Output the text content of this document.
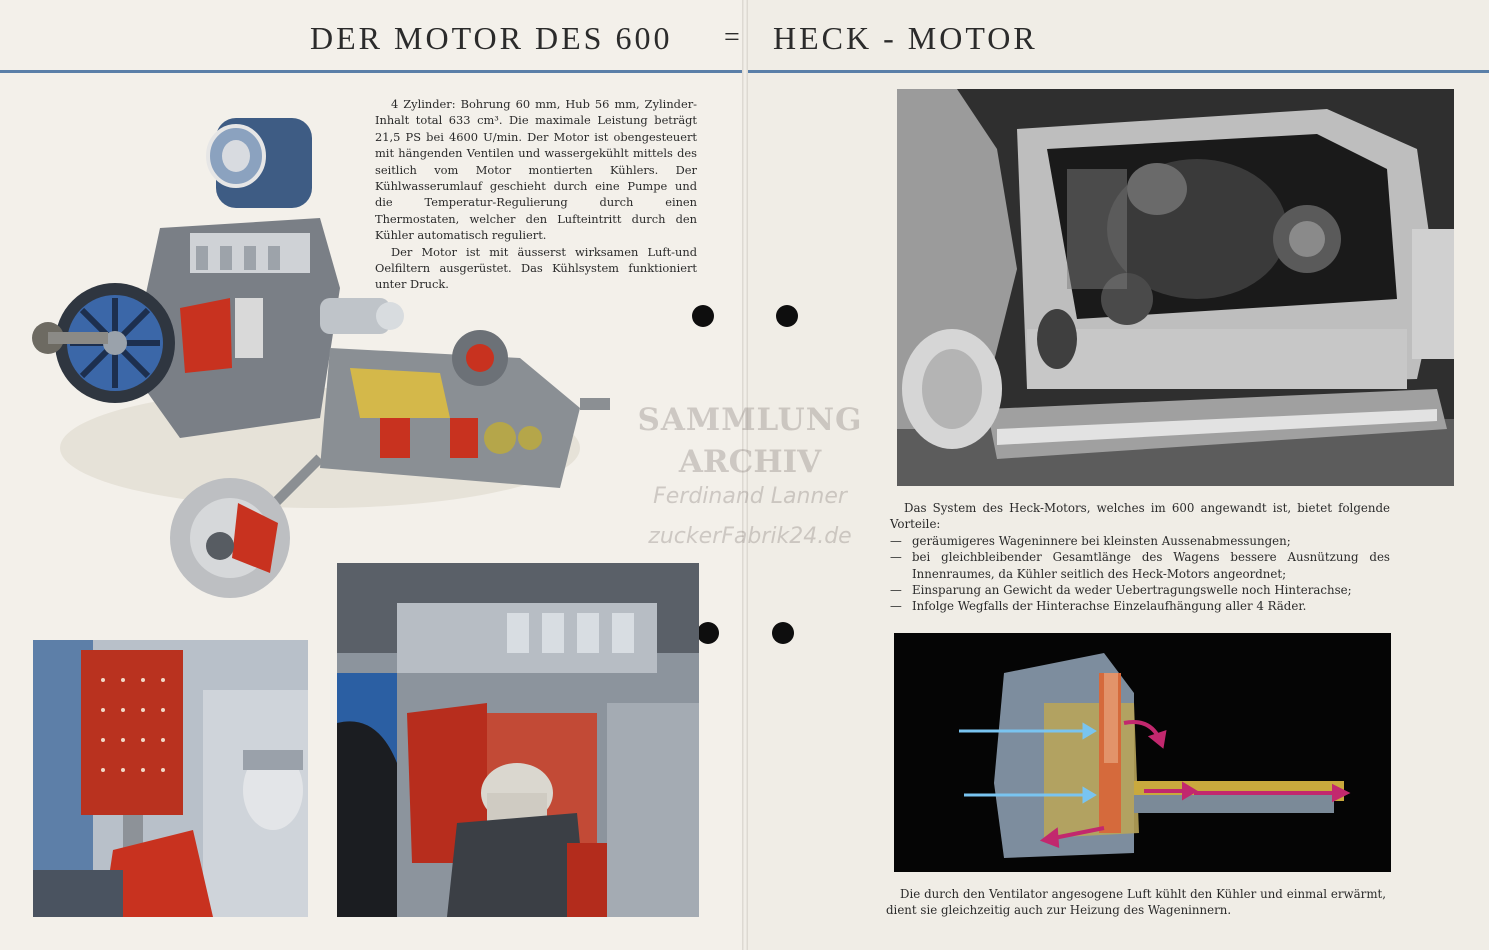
DER MOTOR DES 600 = HECK - MOTOR

4 Zylinder: Bohrung 60 mm, Hub 56 mm, Zylinder-Inhalt total 633 cm³. Die maximale Leistung beträgt 21,5 PS bei 4600 U/min. Der Motor ist obengesteuert mit hängenden Ventilen und wassergekühlt mittels des seitlich vom Motor montierten Kühlers. Der Kühlwasserumlauf geschieht durch eine Pumpe und die Temperatur-Regulierung durch einen Thermostaten, welcher den Lufteintritt durch den Kühler automatisch reguliert.

Der Motor ist mit äusserst wirksamen Luft-und Oelfiltern ausgerüstet. Das Kühlsystem funktioniert unter Druck.

Das System des Heck-Motors, welches im 600 angewandt ist, bietet folgende Vorteile:

— geräumigeres Wageninnere bei kleinsten Aussenabmessungen;
— bei gleichbleibender Gesamtlänge des Wagens bessere Ausnützung des Innenraumes, da Kühler seitlich des Heck-Motors angeordnet;
— Einsparung an Gewicht da weder Uebertragungswelle noch Hinterachse;
— Infolge Wegfalls der Hinterachse Einzelaufhängung aller 4 Räder.

Die durch den Ventilator angesogene Luft kühlt den Kühler und einmal erwärmt, dient sie gleichzeitig auch zur Heizung des Wageninnern.

SAMMLUNG
ARCHIV
Ferdinand Lanner
zuckerFabrik24.de
